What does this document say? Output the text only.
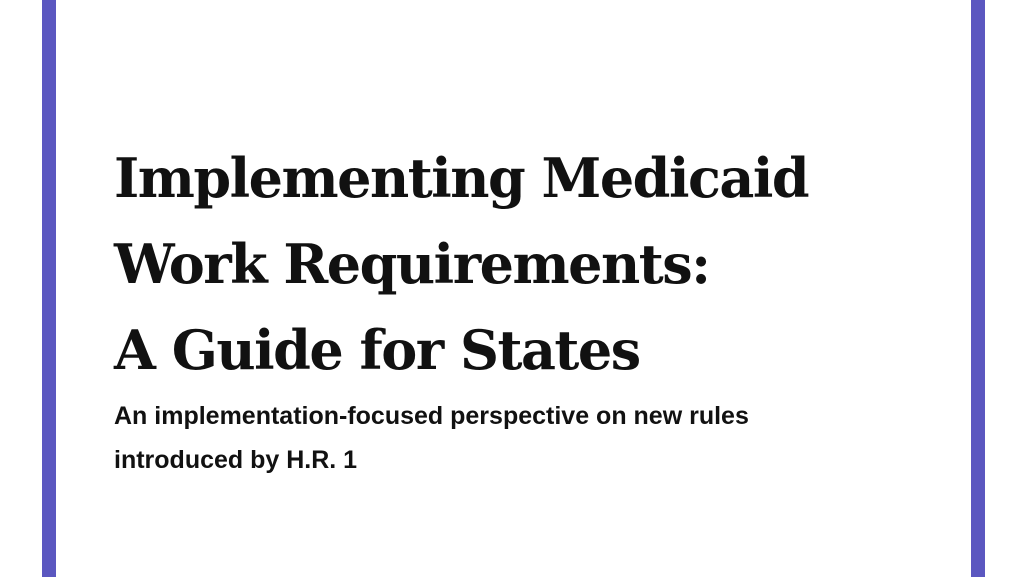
Implementing Medicaid
Work Requirements:
A Guide for States

An implementation-focused perspective on new rules
introduced by H.R. 1
